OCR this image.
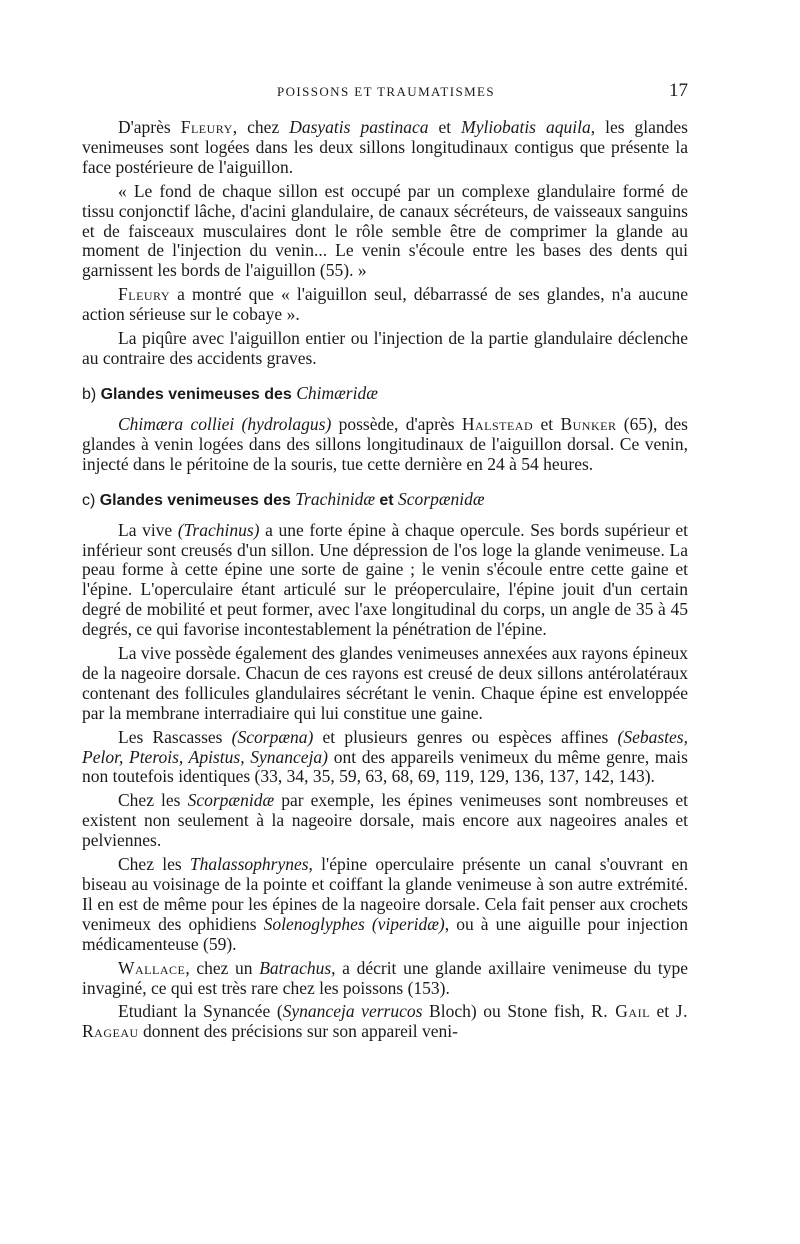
POISSONS ET TRAUMATISMES	17

D'après Fleury, chez Dasyatis pastinaca et Myliobatis aquila, les glandes venimeuses sont logées dans les deux sillons longitudinaux contigus que présente la face postérieure de l'aiguillon.

« Le fond de chaque sillon est occupé par un complexe glandulaire formé de tissu conjonctif lâche, d'acini glandulaire, de canaux sécréteurs, de vaisseaux sanguins et de faisceaux musculaires dont le rôle semble être de comprimer la glande au moment de l'injection du venin... Le venin s'écoule entre les bases des dents qui garnissent les bords de l'aiguillon (55). »

Fleury a montré que « l'aiguillon seul, débarrassé de ses glandes, n'a aucune action sérieuse sur le cobaye ».

La piqûre avec l'aiguillon entier ou l'injection de la partie glandulaire déclenche au contraire des accidents graves.

b) Glandes venimeuses des Chimæridæ

Chimæra colliei (hydrolagus) possède, d'après Halstead et Bunker (65), des glandes à venin logées dans des sillons longitudinaux de l'aiguillon dorsal. Ce venin, injecté dans le péritoine de la souris, tue cette dernière en 24 à 54 heures.

c) Glandes venimeuses des Trachinidæ et Scorpænidæ

La vive (Trachinus) a une forte épine à chaque opercule. Ses bords supérieur et inférieur sont creusés d'un sillon. Une dépression de l'os loge la glande venimeuse. La peau forme à cette épine une sorte de gaine ; le venin s'écoule entre cette gaine et l'épine. L'operculaire étant articulé sur le préoperculaire, l'épine jouit d'un certain degré de mobilité et peut former, avec l'axe longitudinal du corps, un angle de 35 à 45 degrés, ce qui favorise incontestablement la pénétration de l'épine.

La vive possède également des glandes venimeuses annexées aux rayons épineux de la nageoire dorsale. Chacun de ces rayons est creusé de deux sillons antérolatéraux contenant des follicules glandulaires sécrétant le venin. Chaque épine est enveloppée par la membrane interradiaire qui lui constitue une gaine.

Les Rascasses (Scorpæna) et plusieurs genres ou espèces affines (Sebastes, Pelor, Pterois, Apistus, Synanceja) ont des appareils venimeux du même genre, mais non toutefois identiques (33, 34, 35, 59, 63, 68, 69, 119, 129, 136, 137, 142, 143).

Chez les Scorpænidæ par exemple, les épines venimeuses sont nombreuses et existent non seulement à la nageoire dorsale, mais encore aux nageoires anales et pelviennes.

Chez les Thalassophrynes, l'épine operculaire présente un canal s'ouvrant en biseau au voisinage de la pointe et coiffant la glande venimeuse à son autre extrémité. Il en est de même pour les épines de la nageoire dorsale. Cela fait penser aux crochets venimeux des ophidiens Solenoglyphes (viperidæ), ou à une aiguille pour injection médicamenteuse (59).

Wallace, chez un Batrachus, a décrit une glande axillaire venimeuse du type invaginé, ce qui est très rare chez les poissons (153).

Etudiant la Synancée (Synanceja verrucos Bloch) ou Stone fish, R. Gail et J. Rageau donnent des précisions sur son appareil veni-
